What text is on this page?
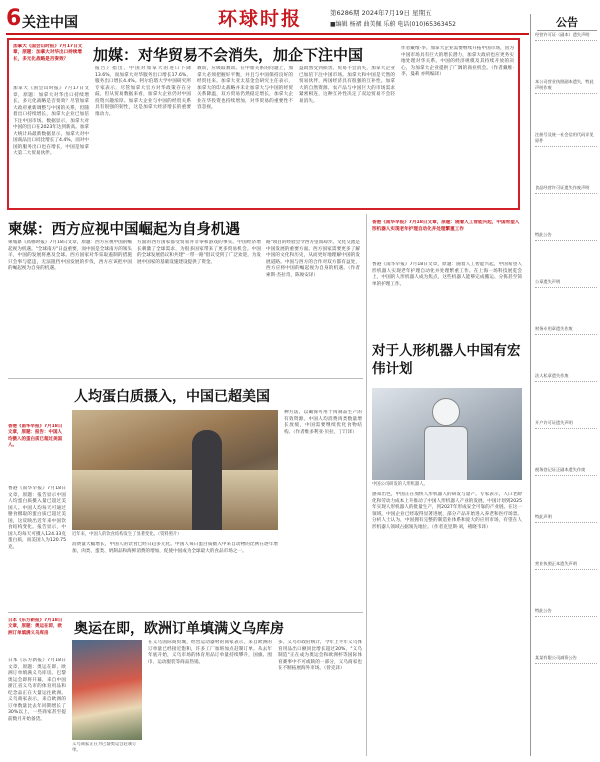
6 关注中国	环球时报	第6286期 2024年7月19日 星期五
■编辑 杨裙 曲美佩 乐蔚 电话(010)65363452
加拿大《国会山时报》7月17日文章，原题：加拿大对华出口持续增长，多元化战略是否奏效？	加媒：对华贸易不会消失，加企下注中国
加拿大《国会山时报》7月17日文章，原题：加拿大对华出口持续增长，多元化战略是否奏效？尽管加拿大政府重新调整与中国的关系，但随着出口持续增长，加拿大企业已加倍下注中国市场。数据显示，加拿大对中国的出口在2023年达到新高。加拿大统计局最新数据显示，加拿大对中国商品出口同比增长了4.4%，而对中国的服务出口也在增长，中国是加拿大第二大贸易伙伴。
报告》指出，中国对加拿大的进口下降13.6%，而加拿大对华服务出口增长17.6%，服务出口增长4.4%。阿尔伯塔大学中国研究所专家表示，尽管加拿大官方对华政策存在分歧，但从贸易数据来看，加拿大企业仍对中国投资兴趣浓厚。加拿大企业与中国的经贸关系具有很强的韧性，这是加拿大经济增长的重要推动力。
教训，应吸取教训。在中加关系的问题上，加拿大必须把握好平衡，并且与中国保持良好的经贸往来。加拿大亚太基金会研究主任表示，加拿大的印太战略并未让加拿大与中国的经贸关系降温，双方贸易仍然稳定增长，加拿大企业在华投资也持续增加，对华贸易的重要性不容忽视。
益政然受到损害。贸易不会消失，加拿大企业已加倍下注中国市场。加拿大和中国是天然的贸易伙伴，两国经济具有很强的互补性。加拿大的自然资源、农产品与中国巨大的市场需求紧密相连，这种互补性决定了双边贸易不会轻易消失。
作者戴维·李。加拿大企业需要继续开拓中国市场，因为中国市场具有巨大的增长潜力，加拿大政府也应更务实地处理对华关系。中国的经济规模及其持续开放的决心，为加拿大企业提供了广阔的商业机会。（作者戴维·李，曼莉 亦鸣编译）
柬媒：西方应视中国崛起为自身机遇
柬埔寨《高棉时报》7月18日文章，原题：西方应视中国的崛起视为机遇。"全球南方"日益重要，而中国是全球南方的领头羊，中国的发展将惠及全球。西方国家对华采取遏制的措施只会事与愿违，无法阻挡中国发展的步伐，西方应该把中国的崛起视为自身的机遇。
方面的西方国家都受贸易并非零和游戏的事实。中国经济增长刺激了全球需求，为很多国家带来了更多贸易机会。中国的全球发展倡议和共建"一带一路"倡议受到了广泛欢迎，为发展中国家的基础设施建设提供了资金。
路"项目的经验会令西方望而却步。文化交流是中国发展的重要方面。西方国家需要更多了解中国的文化和历史，从而更好地理解中国的发展道路。中国与西方的合作对双方都有益处，西方应将中国的崛起视为自身的机遇。（作者索斯·杰拉奇，陈俊安译）
香港《南华早报》7月18日文章，原题：报告：中国人均摄入的蛋白质已超过美国人。
人均蛋白质摄入，中国已超美国
香港《南华早报》7月18日文章，原题：报告显示中国人均蛋白质摄入量已超过美国人。中国人均每天可通过膳食摄取的蛋白质已超过美国，这反映出近年来中国饮食结构变化。报告显示，中国人均每天可摄入124.33克蛋白质，而美国人为120.75克。
近年来，中国人的饮食结构发生了显著变化。（资料照片）
消费量大幅增长，中国人的饮食已经日趋多元化。中国人每日蛋白质摄入中来自动物的比例在逐年增加，肉类、蛋类、奶制品和海鲜消费的增加，促使中国成为全球最大的食品市场之一。
种方法，以确保可用于肉制品生产的有效资源。中国人均消费肉类数量增长放缓，中国需要继续优化食物结构。（作者维多利亚·贝拉，丁玎译）
日本《东方新报》7月18日文章，原题：奥运在即，欧洲订单填满义乌库房	奥运在即，欧洲订单填满义乌库房
日本《东方新报》7月18日文章，原题：奥运在即，欧洲订单填满义乌库房。巴黎奥运会即将开幕，来自中国浙江省义乌市的体育用品和纪念品正在大量运往欧洲。义乌商家表示，来自欧洲的订单数量比去年同期增长了30%以上，一些商家甚至提前数月开始备货。
义乌商家正在为巴黎奥运会赶制订单。
在义乌国际商贸城，经营运动器材的商家表示，来自欧洲的订单量已经接近饱和，许多工厂加班加点赶制订单。从去年年底开始，义乌市场的体育用品订单量持续攀升，国旗、围巾、运动服装等商品热销。
多。义乌市政府统计，今年上半年义乌体育用品出口额同比增长超过20%，"义乌制造"正在成为奥运会和欧洲杯等国际体育赛事中不可或缺的一部分，义乌商家也在不断拓展海外市场。（曾克译）
香港《南华早报》7月18日文章，原题：随着人工智能兴起，中国希望人形机器人实现老年护理自动化并处理繁重工作
香港《南华早报》7月18日文章，原题：随着人工智能兴起，中国希望人形机器人实现老年护理自动化并处理繁重工作。在上海一场科技展览会上，中国的人形机器人成为焦点，这些机器人能够完成搬运、分拣甚至简单的护理工作。
对于人形机器人中国有宏伟计划
中国公司研发的人形机器人。
感知出色，中国正在加快人形机器人的研发与量产。专家表示，人口老龄化和劳动力成本上升推动了中国人形机器人产业的发展。中国计划到2025年实现人形机器人的批量生产，到2027年形成安全可靠的产业链。在这一领域，中国企业已经取得显著进展，部分产品开始进入养老和医疗场景。分析人士认为，中国拥有完整的制造业体系和庞大的应用市场，有望在人形机器人领域占据领先地位。（作者克里斯·刘，褚晓韦译）
公告
经营许可证（副本）遗失声明
本公司营业执照副本遗失，特此声明作废
注册号及统一社会信用代码详见原件
食品经营许可证遗失作废声明
特此公告
公章遗失声明
财务专用章遗失作废
法人私章遗失作废
开户许可证遗失声明
税务登记证正副本遗失作废
特此声明
营业执照正本遗失声明
特此公告
某某有限公司减资公告
